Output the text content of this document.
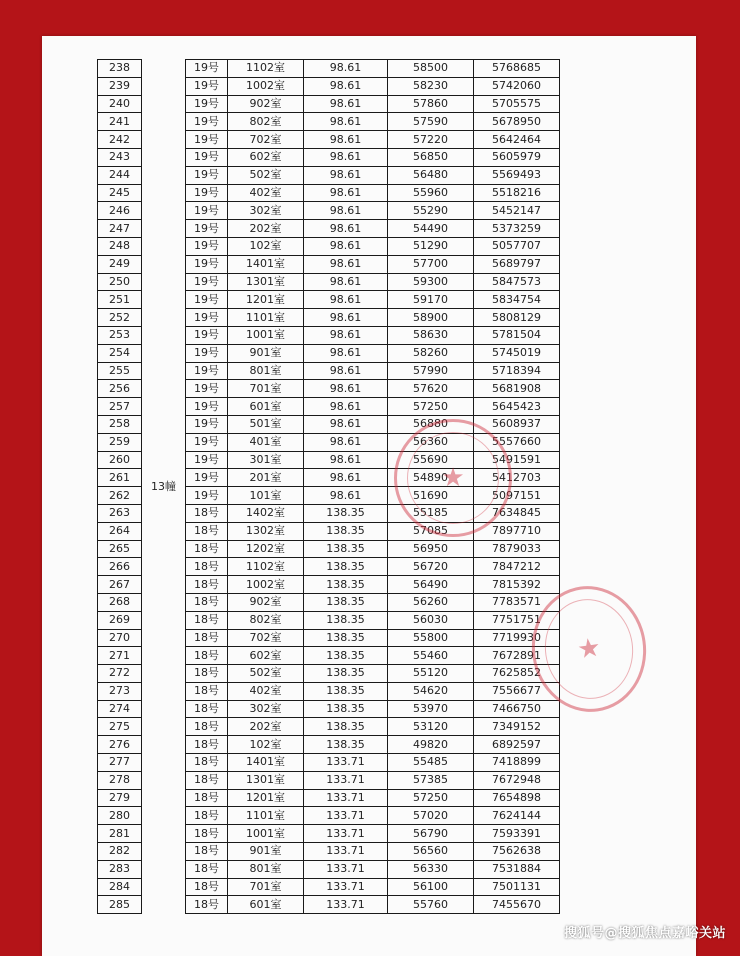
238	13幢	19号	1102室	98.61	58500	5768685
239		19号	1002室	98.61	58230	5742060
240		19号	902室	98.61	57860	5705575
241		19号	802室	98.61	57590	5678950
242		19号	702室	98.61	57220	5642464
243		19号	602室	98.61	56850	5605979
244		19号	502室	98.61	56480	5569493
245		19号	402室	98.61	55960	5518216
246		19号	302室	98.61	55290	5452147
247		19号	202室	98.61	54490	5373259
248		19号	102室	98.61	51290	5057707
249		19号	1401室	98.61	57700	5689797
250		19号	1301室	98.61	59300	5847573
251		19号	1201室	98.61	59170	5834754
252		19号	1101室	98.61	58900	5808129
253		19号	1001室	98.61	58630	5781504
254		19号	901室	98.61	58260	5745019
255		19号	801室	98.61	57990	5718394
256		19号	701室	98.61	57620	5681908
257		19号	601室	98.61	57250	5645423
258		19号	501室	98.61	56880	5608937
259		19号	401室	98.61	56360	5557660
260		19号	301室	98.61	55690	5491591
261		19号	201室	98.61	54890	5412703
262		19号	101室	98.61	51690	5097151
263		18号	1402室	138.35	55185	7634845
264		18号	1302室	138.35	57085	7897710
265		18号	1202室	138.35	56950	7879033
266		18号	1102室	138.35	56720	7847212
267		18号	1002室	138.35	56490	7815392
268		18号	902室	138.35	56260	7783571
269		18号	802室	138.35	56030	7751751
270		18号	702室	138.35	55800	7719930
271		18号	602室	138.35	55460	7672891
272		18号	502室	138.35	55120	7625852
273		18号	402室	138.35	54620	7556677
274		18号	302室	138.35	53970	7466750
275		18号	202室	138.35	53120	7349152
276		18号	102室	138.35	49820	6892597
277		18号	1401室	133.71	55485	7418899
278		18号	1301室	133.71	57385	7672948
279		18号	1201室	133.71	57250	7654898
280		18号	1101室	133.71	57020	7624144
281		18号	1001室	133.71	56790	7593391
282		18号	901室	133.71	56560	7562638
283		18号	801室	133.71	56330	7531884
284		18号	701室	133.71	56100	7501131
285		18号	601室	133.71	55760	7455670
★
★
搜狐号@搜狐焦点嘉峪关站
